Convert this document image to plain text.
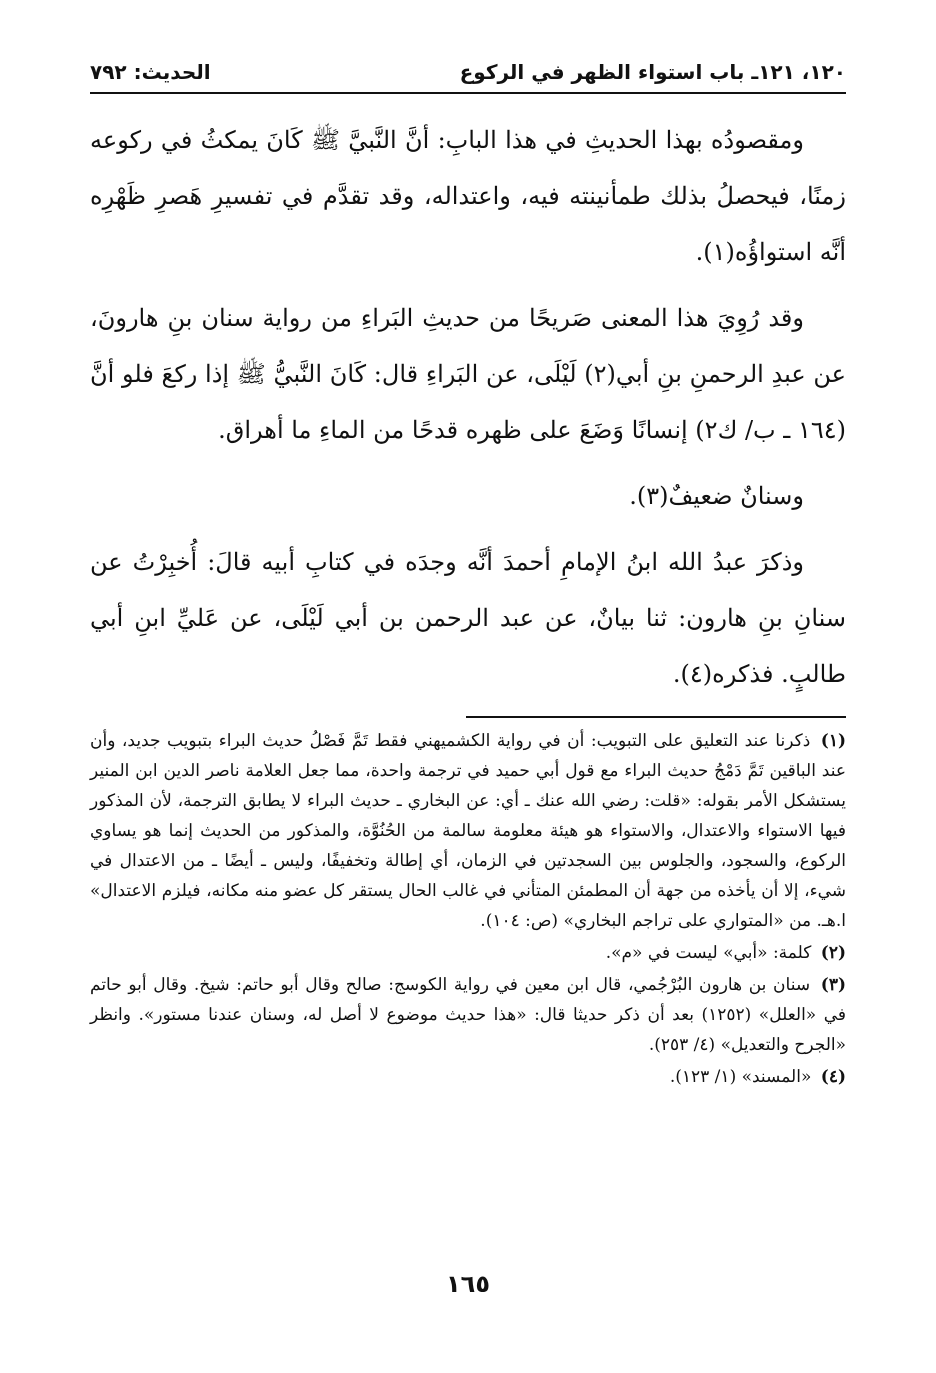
١٢٠، ١٢١ـ باب استواء الظهر في الركوع
الحديث: ٧٩٢

ومقصودُه بهذا الحديثِ في هذا البابِ: أنَّ النَّبيَّ ﷺ كَانَ يمكثُ في ركوعه زمنًا، فيحصلُ بذلك طمأنينته فيه، واعتداله، وقد تقدَّم في تفسيرِ هَصرِ ظَهْرِه أنَّه استواؤُه(١).

وقد رُوِيَ هذا المعنى صَريحًا من حديثِ البَراءِ من رواية سنان بنِ هارونَ، عن عبدِ الرحمنِ بنِ أبي(٢) لَيْلَى، عن البَراءِ قال: كَانَ النَّبيُّ ﷺ إذا ركعَ فلو أنَّ (١٦٤ ـ ب/ ك٢) إنسانًا وَضَعَ على ظهره قدحًا من الماءِ ما أهراق.

وسنانٌ ضعيفٌ(٣).

وذكرَ عبدُ الله ابنُ الإمامِ أحمدَ أنَّه وجدَه في كتابِ أبيه قالَ: أُخبِرْتُ عن سنانِ بنِ هارون: ثنا بيانٌ، عن عبد الرحمن بن أبي لَيْلَى، عن عَليِّ ابنِ أبي طالبٍ. فذكره(٤).

(١) ذكرنا عند التعليق على التبويب: أن في رواية الكشميهني فقط تَمَّ فَصْلُ حديث البراء بتبويب جديد، وأن عند الباقين تَمَّ دَمْجُ حديث البراء مع قول أبي حميد في ترجمة واحدة، مما جعل العلامة ناصر الدين ابن المنير يستشكل الأمر بقوله: «قلت: رضي الله عنك ـ أي: عن البخاري ـ حديث البراء لا يطابق الترجمة، لأن المذكور فيها الاستواء والاعتدال، والاستواء هو هيئة معلومة سالمة من الحُنُوَّة، والمذكور من الحديث إنما هو يساوي الركوع، والسجود، والجلوس بين السجدتين في الزمان، أي إطالة وتخفيفًا، وليس ـ أيضًا ـ من الاعتدال في شيء، إلا أن يأخذه من جهة أن المطمئن المتأني في غالب الحال يستقر كل عضو منه مكانه، فيلزم الاعتدال» ا.هـ. من «المتواري على تراجم البخاري» (ص: ١٠٤).
(٢) كلمة: «أبي» ليست في «م».
(٣) سنان بن هارون البُرْجُمي، قال ابن معين في رواية الكوسج: صالح وقال أبو حاتم: شيخ. وقال أبو حاتم في «العلل» (١٢٥٢) بعد أن ذكر حديثا قال: «هذا حديث موضوع لا أصل له، وسنان عندنا مستور». وانظر «الجرح والتعديل» (٤/ ٢٥٣).
(٤) «المسند» (١/ ١٢٣).
١٦٥
